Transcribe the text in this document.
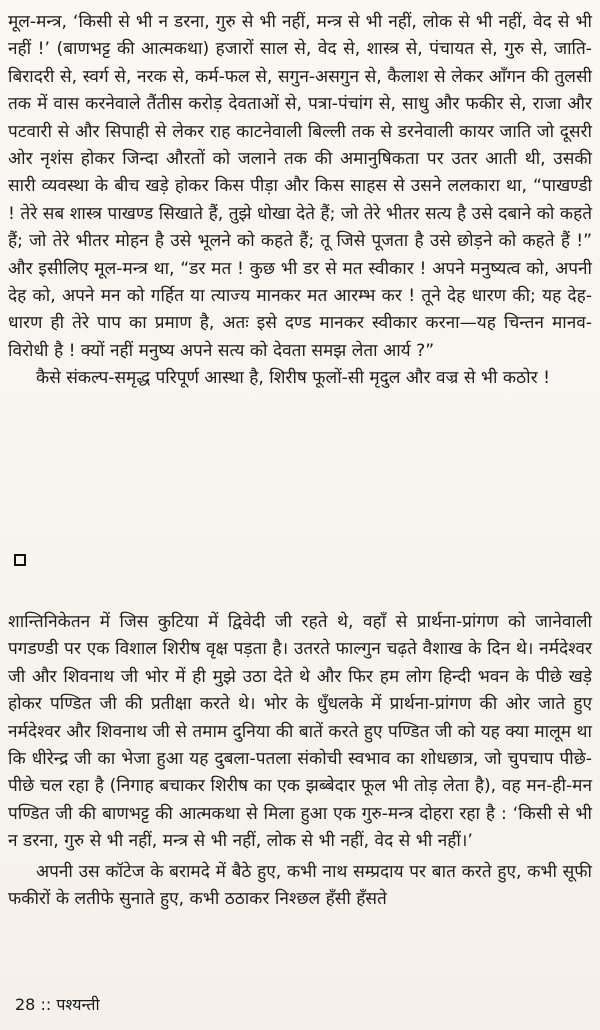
मूल-मन्त्र, ‘किसी से भी न डरना, गुरु से भी नहीं, मन्त्र से भी नहीं, लोक से भी नहीं, वेद से भी नहीं !’ (बाणभट्ट की आत्मकथा) हजारों साल से, वेद से, शास्त्र से, पंचायत से, गुरु से, जाति-बिरादरी से, स्वर्ग से, नरक से, कर्म-फल से, सगुन-असगुन से, कैलाश से लेकर आँगन की तुलसी तक में वास करनेवाले तैंतीस करोड़ देवताओं से, पत्रा-पंचांग से, साधु और फकीर से, राजा और पटवारी से और सिपाही से लेकर राह काटनेवाली बिल्ली तक से डरनेवाली कायर जाति जो दूसरी ओर नृशंस होकर जिन्दा औरतों को जलाने तक की अमानुषिकता पर उतर आती थी, उसकी सारी व्यवस्था के बीच खड़े होकर किस पीड़ा और किस साहस से उसने ललकारा था, “पाखण्डी ! तेरे सब शास्त्र पाखण्ड सिखाते हैं, तुझे धोखा देते हैं; जो तेरे भीतर सत्य है उसे दबाने को कहते हैं; जो तेरे भीतर मोहन है उसे भूलने को कहते हैं; तू जिसे पूजता है उसे छोड़ने को कहते हैं !” और इसीलिए मूल-मन्त्र था, “डर मत ! कुछ भी डर से मत स्वीकार ! अपने मनुष्यत्व को, अपनी देह को, अपने मन को गर्हित या त्याज्य मानकर मत आरम्भ कर ! तूने देह धारण की; यह देह-धारण ही तेरे पाप का प्रमाण है, अतः इसे दण्ड मानकर स्वीकार करना—यह चिन्तन मानव-विरोधी है ! क्यों नहीं मनुष्य अपने सत्य को देवता समझ लेता आर्य ?”

कैसे संकल्प-समृद्ध परिपूर्ण आस्था है, शिरीष फूलों-सी मृदुल और वज्र से भी कठोर !

शान्तिनिकेतन में जिस कुटिया में द्विवेदी जी रहते थे, वहाँ से प्रार्थना-प्रांगण को जानेवाली पगडण्डी पर एक विशाल शिरीष वृक्ष पड़ता है। उतरते फाल्गुन चढ़ते वैशाख के दिन थे। नर्मदेश्वर जी और शिवनाथ जी भोर में ही मुझे उठा देते थे और फिर हम लोग हिन्दी भवन के पीछे खड़े होकर पण्डित जी की प्रतीक्षा करते थे। भोर के धुँधलके में प्रार्थना-प्रांगण की ओर जाते हुए नर्मदेश्वर और शिवनाथ जी से तमाम दुनिया की बातें करते हुए पण्डित जी को यह क्या मालूम था कि धीरेन्द्र जी का भेजा हुआ यह दुबला-पतला संकोची स्वभाव का शोधछात्र, जो चुपचाप पीछे-पीछे चल रहा है (निगाह बचाकर शिरीष का एक झब्बेदार फूल भी तोड़ लेता है), वह मन-ही-मन पण्डित जी की बाणभट्ट की आत्मकथा से मिला हुआ एक गुरु-मन्त्र दोहरा रहा है : ‘किसी से भी न डरना, गुरु से भी नहीं, मन्त्र से भी नहीं, लोक से भी नहीं, वेद से भी नहीं।’

अपनी उस कॉटेज के बरामदे में बैठे हुए, कभी नाथ सम्प्रदाय पर बात करते हुए, कभी सूफी फकीरों के लतीफे सुनाते हुए, कभी ठठाकर निश्छल हँसी हँसते

28 :: पश्यन्ती
